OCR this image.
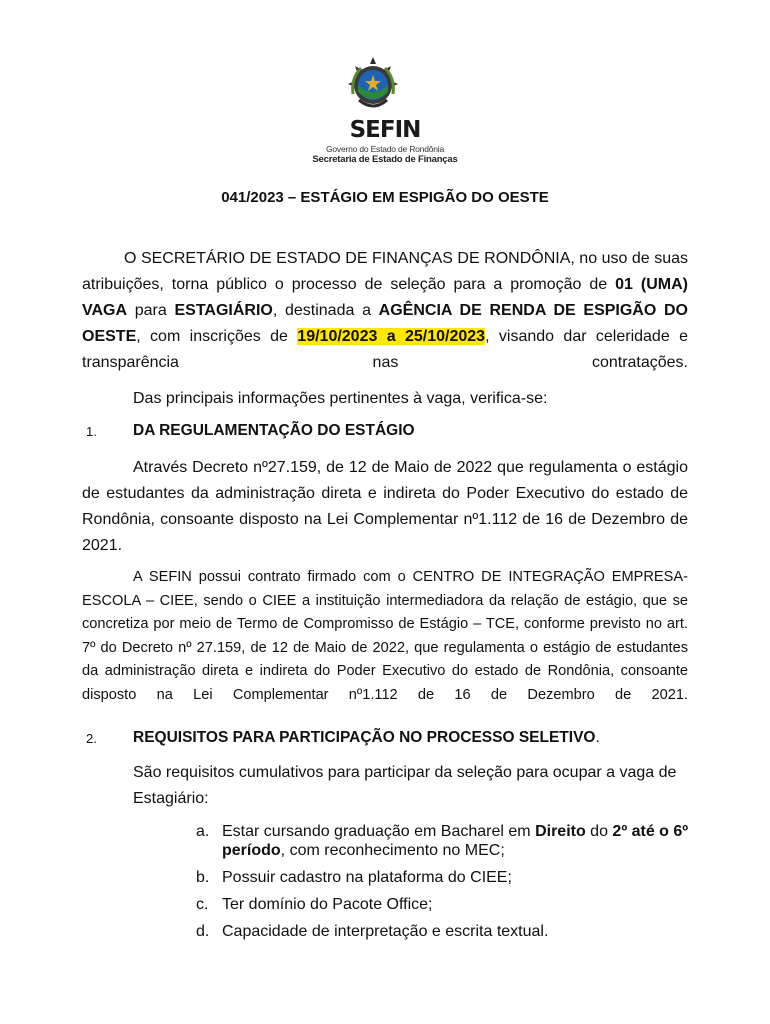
SEFIN
Governo do Estado de Rondônia
Secretaria de Estado de Finanças
041/2023 – ESTÁGIO EM ESPIGÃO DO OESTE
O SECRETÁRIO DE ESTADO DE FINANÇAS DE RONDÔNIA, no uso de suas atribuições, torna público o processo de seleção para a promoção de 01 (UMA) VAGA para ESTAGIÁRIO, destinada a AGÊNCIA DE RENDA DE ESPIGÃO DO OESTE, com inscrições de 19/10/2023 a 25/10/2023, visando dar celeridade e transparência nas contratações.
Das principais informações pertinentes à vaga, verifica-se:
1. DA REGULAMENTAÇÃO DO ESTÁGIO
Através Decreto nº27.159, de 12 de Maio de 2022 que regulamenta o estágio de estudantes da administração direta e indireta do Poder Executivo do estado de Rondônia, consoante disposto na Lei Complementar nº1.112 de 16 de Dezembro de 2021.
A SEFIN possui contrato firmado com o CENTRO DE INTEGRAÇÃO EMPRESA-ESCOLA – CIEE, sendo o CIEE a instituição intermediadora da relação de estágio, que se concretiza por meio de Termo de Compromisso de Estágio – TCE, conforme previsto no art. 7º do Decreto nº 27.159, de 12 de Maio de 2022, que regulamenta o estágio de estudantes da administração direta e indireta do Poder Executivo do estado de Rondônia, consoante disposto na Lei Complementar nº1.112 de 16 de Dezembro de 2021.
2. REQUISITOS PARA PARTICIPAÇÃO NO PROCESSO SELETIVO.
São requisitos cumulativos para participar da seleção para ocupar a vaga de Estagiário:
a. Estar cursando graduação em Bacharel em Direito do 2º até o 6º período, com reconhecimento no MEC;
b. Possuir cadastro na plataforma do CIEE;
c. Ter domínio do Pacote Office;
d. Capacidade de interpretação e escrita textual.
